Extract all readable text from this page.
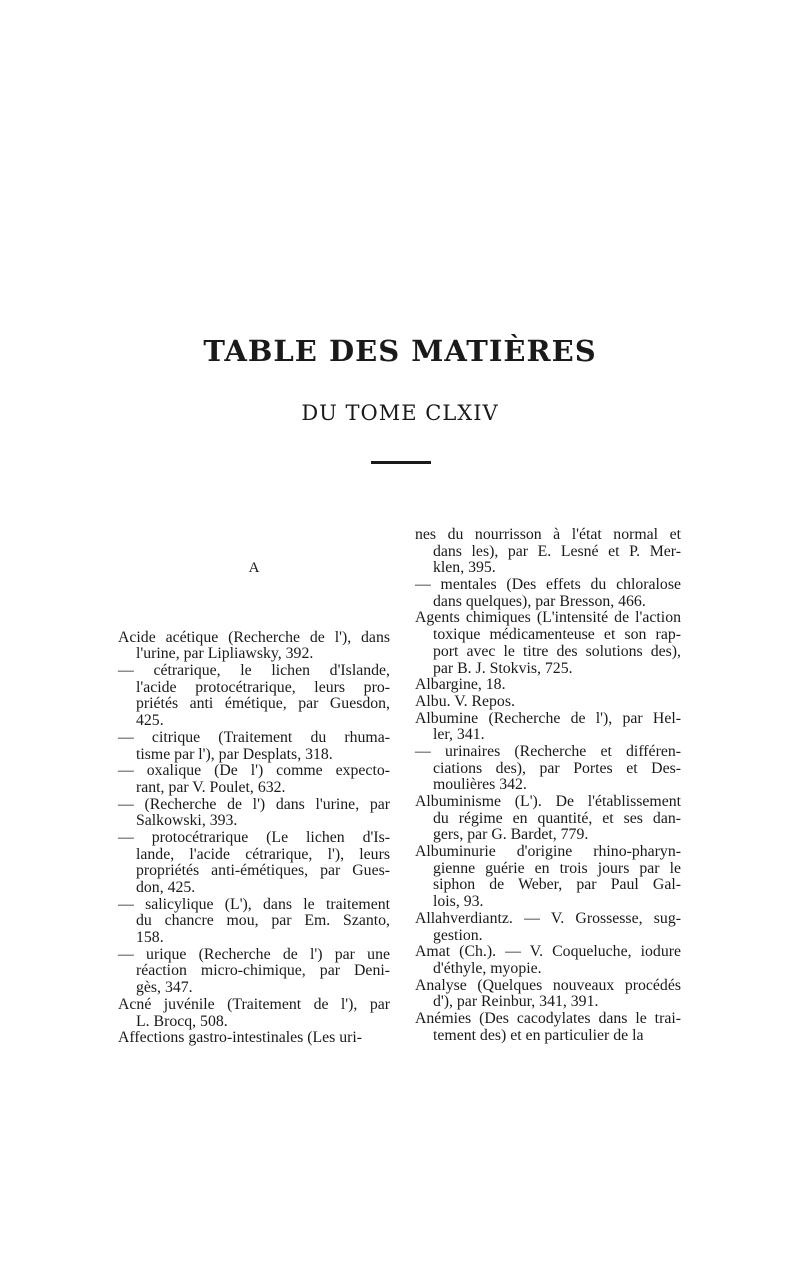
TABLE DES MATIÈRES
DU TOME CLXIV
A
Acide acétique (Recherche de l'), dans
l'urine, par Lipliawsky, 392.
— cétrarique, le lichen d'Islande,
l'acide protocétrarique, leurs pro-
priétés anti émétique, par Guesdon,
425.
— citrique (Traitement du rhuma-
tisme par l'), par Desplats, 318.
— oxalique (De l') comme expecto-
rant, par V. Poulet, 632.
— (Recherche de l') dans l'urine, par
Salkowski, 393.
— protocétrarique (Le lichen d'Is-
lande, l'acide cétrarique, l'), leurs
propriétés anti-émétiques, par Gues-
don, 425.
— salicylique (L'), dans le traitement
du chancre mou, par Em. Szanto,
158.
— urique (Recherche de l') par une
réaction micro-chimique, par Deni-
gès, 347.
Acné juvénile (Traitement de l'), par
L. Brocq, 508.
Affections gastro-intestinales (Les uri-
nes du nourrisson à l'état normal et
dans les), par E. Lesné et P. Mer-
klen, 395.
— mentales (Des effets du chloralose
dans quelques), par Bresson, 466.
Agents chimiques (L'intensité de l'action
toxique médicamenteuse et son rap-
port avec le titre des solutions des),
par B. J. Stokvis, 725.
Albargine, 18.
Albu. V. Repos.
Albumine (Recherche de l'), par Hel-
ler, 341.
— urinaires (Recherche et différen-
ciations des), par Portes et Des-
moulières 342.
Albuminisme (L'). De l'établissement
du régime en quantité, et ses dan-
gers, par G. Bardet, 779.
Albuminurie d'origine rhino-pharyn-
gienne guérie en trois jours par le
siphon de Weber, par Paul Gal-
lois, 93.
Allahverdiantz. — V. Grossesse, sug-
gestion.
Amat (Ch.). — V. Coqueluche, iodure
d'éthyle, myopie.
Analyse (Quelques nouveaux procédés
d'), par Reinbur, 341, 391.
Anémies (Des cacodylates dans le trai-
tement des) et en particulier de la
